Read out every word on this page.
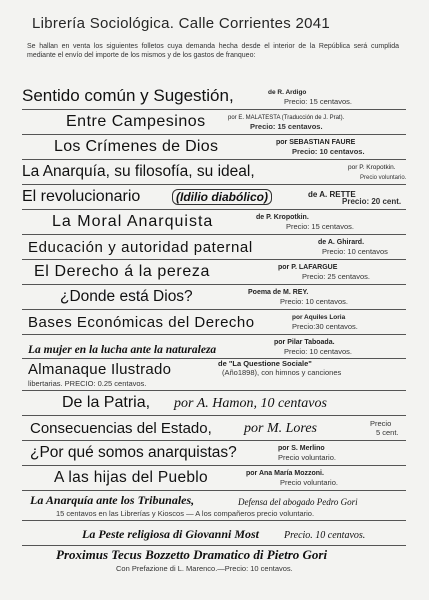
Librería Sociológica. Calle Corrientes 2041
Se hallan en venta los siguientes folletos cuya demanda hecha desde el interior de la República será cumplida mediante el envío del importe de los mismos y de los gastos de franqueo:
Sentido común y Sugestión,	de R. Ardigo
Precio: 15 centavos.
Entre Campesinos	por E. MALATESTA (Traducción de J. Prat).
Precio: 15 centavos.
Los Crímenes de Dios	por SEBASTIAN FAURE
Precio: 10 centavos.
La Anarquía, su filosofía, su ideal,	por P. Kropotkin.
Precio voluntario.
El revolucionario	(Idilio diabólico)	de A. RETTE
Precio: 20 cent.
La Moral Anarquista	de P. Kropotkin.
Precio: 15 centavos.
Educación y autoridad paternal	de A. Ghirard.
Precio: 10 centavos
El Derecho á la pereza	por P. LAFARGUE
Precio: 25 centavos.
¿Donde está Dios?	Poema de M. REY.
Precio: 10 centavos.
Bases Económicas del Derecho	por Aquiles Loria
Precio:30 centavos.
La mujer en la lucha ante la naturaleza
por Pilar Taboada.
Precio: 10 centavos.
Almanaque Ilustrado	de "La Questione Sociale"
(Año1898), con himnos y canciones
libertarias. PRECIO: 0.25 centavos.
De la Patria, por A. Hamon, 10 centavos
Consecuencias del Estado, por M. Lores	Precio
5 cent.
¿Por qué somos anarquistas?	por S. Merlino
Precio voluntario.
A las hijas del Pueblo	por Ana María Mozzoni.
Precio voluntario.
La Anarquía ante los Tribunales,	Defensa del abogado Pedro Gori
15 centavos en las Librerías y Kioscos — A los compañeros precio voluntario.
La Peste religiosa di Giovanni Most	Precio. 10 centavos.
Proximus Tecus Bozzetto Dramatico di Pietro Gori
Con Prefazione di L. Marenco.—Precio: 10 centavos.
